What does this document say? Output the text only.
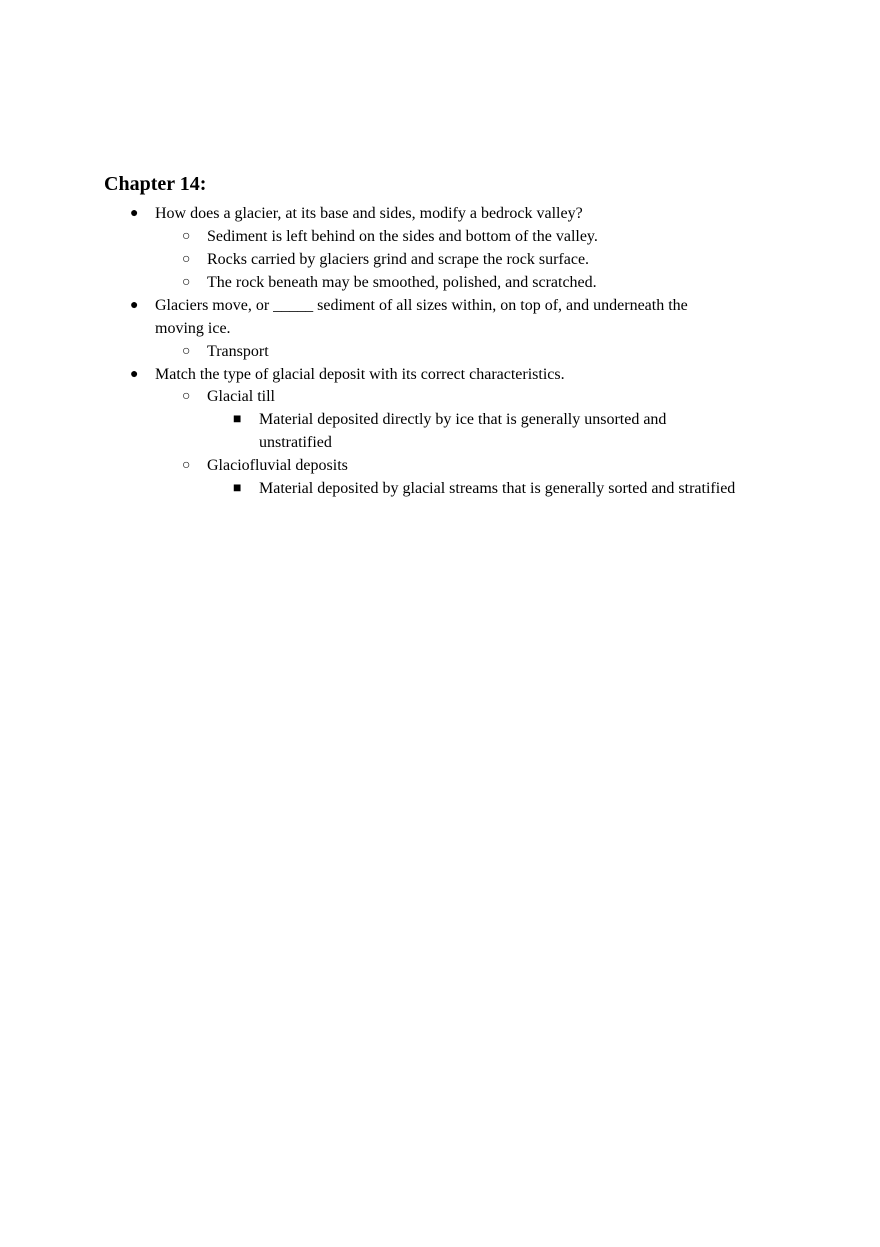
Chapter 14:
● How does a glacier, at its base and sides, modify a bedrock valley?
○ Sediment is left behind on the sides and bottom of the valley.
○ Rocks carried by glaciers grind and scrape the rock surface.
○ The rock beneath may be smoothed, polished, and scratched.
● Glaciers move, or _____ sediment of all sizes within, on top of, and underneath the
moving ice.
○ Transport
● Match the type of glacial deposit with its correct characteristics.
○ Glacial till
■ Material deposited directly by ice that is generally unsorted and
unstratified
○ Glaciofluvial deposits
■ Material deposited by glacial streams that is generally sorted and stratified
